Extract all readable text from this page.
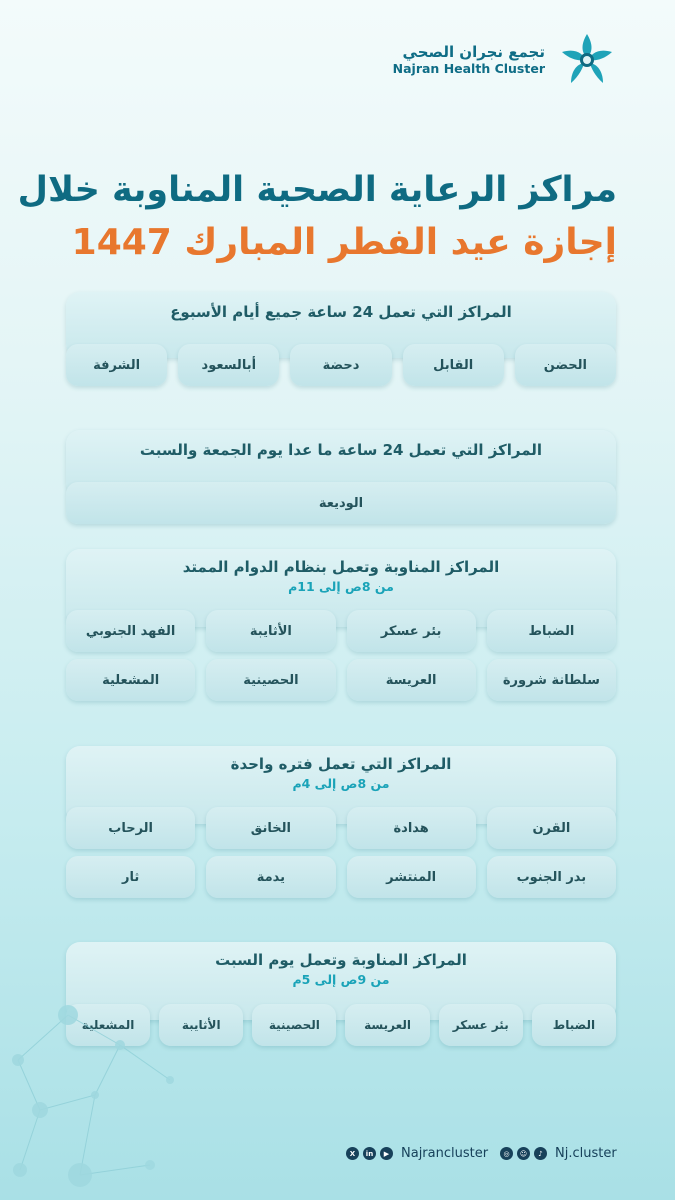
تجمع نجران الصحي
Najran Health Cluster
مراكز الرعاية الصحية المناوبة خلال
إجازة عيد الفطر المبارك 1447
المراكز التي تعمل 24 ساعة جميع أيام الأسبوع
الحضن
القابل
دحضة
أبالسعود
الشرفة
المراكز التي تعمل 24 ساعة ما عدا يوم الجمعة والسبت
الوديعة
المراكز المناوبة وتعمل بنظام الدوام الممتد
من 8ص إلى 11م
الضباط
بئر عسكر
الأثايبة
الفهد الجنوبي
سلطانة شرورة
العريسة
الحصينية
المشعلية
المراكز التي تعمل فتره واحدة
من 8ص إلى 4م
القرن
هدادة
الخانق
الرحاب
بدر الجنوب
المنتشر
يدمة
ثار
المراكز المناوبة وتعمل يوم السبت
من 9ص إلى 5م
الضباط
بئر عسكر
العريسة
الحصينية
الأثايبة
المشعلية
X	in	▶ Najrancluster	◎	☺	♪ Nj.cluster
